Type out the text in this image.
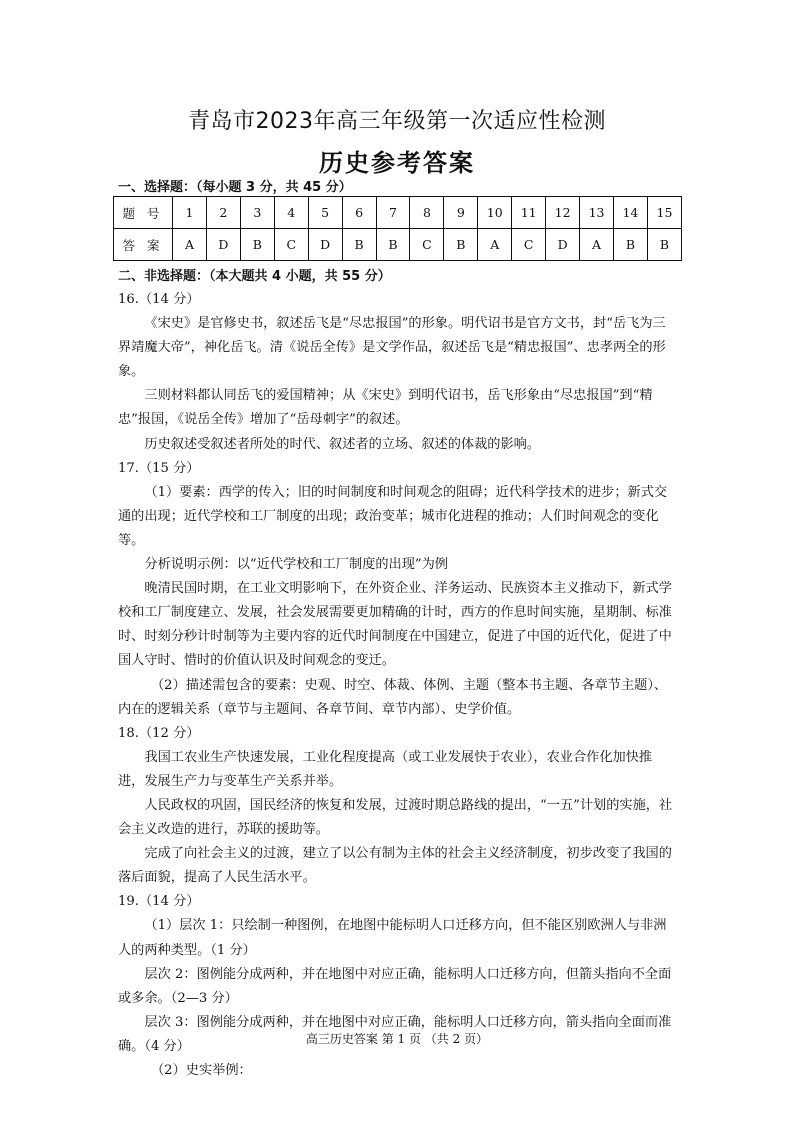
青岛市2023年高三年级第一次适应性检测
历史参考答案
一、选择题：（每小题 3 分，共 45 分）
题 号	1	2	3	4	5	6	7	8	9	10	11	12	13	14	15
答 案	A	D	B	C	D	B	B	C	B	A	C	D	A	B	B
二、非选择题：（本大题共 4 小题，共 55 分）

16.（14 分）

《宋史》是官修史书，叙述岳飞是“尽忠报国”的形象。明代诏书是官方文书，封“岳飞为三界靖魔大帝”，神化岳飞。清《说岳全传》是文学作品，叙述岳飞是“精忠报国”、忠孝两全的形象。

三则材料都认同岳飞的爱国精神；从《宋史》到明代诏书，岳飞形象由“尽忠报国”到“精忠”报国，《说岳全传》增加了“岳母刺字”的叙述。

历史叙述受叙述者所处的时代、叙述者的立场、叙述的体裁的影响。

17.（15 分）

（1）要素：西学的传入；旧的时间制度和时间观念的阻碍；近代科学技术的进步；新式交通的出现；近代学校和工厂制度的出现；政治变革；城市化进程的推动；人们时间观念的变化等。

分析说明示例：以“近代学校和工厂制度的出现”为例

晚清民国时期，在工业文明影响下，在外资企业、洋务运动、民族资本主义推动下，新式学校和工厂制度建立、发展，社会发展需要更加精确的计时，西方的作息时间实施，星期制、标准时、时刻分秒计时制等为主要内容的近代时间制度在中国建立，促进了中国的近代化，促进了中国人守时、惜时的价值认识及时间观念的变迁。

（2）描述需包含的要素：史观、时空、体裁、体例、主题（整本书主题、各章节主题）、内在的逻辑关系（章节与主题间、各章节间、章节内部）、史学价值。

18.（12 分）

我国工农业生产快速发展，工业化程度提高（或工业发展快于农业），农业合作化加快推进，发展生产力与变革生产关系并举。

人民政权的巩固，国民经济的恢复和发展，过渡时期总路线的提出，“一五”计划的实施，社会主义改造的进行，苏联的援助等。

完成了向社会主义的过渡，建立了以公有制为主体的社会主义经济制度，初步改变了我国的落后面貌，提高了人民生活水平。

19.（14 分）

（1）层次 1：只绘制一种图例，在地图中能标明人口迁移方向，但不能区别欧洲人与非洲人的两种类型。（1 分）

层次 2：图例能分成两种，并在地图中对应正确，能标明人口迁移方向，但箭头指向不全面或多余。（2—3 分）

层次 3：图例能分成两种，并在地图中对应正确，能标明人口迁移方向，箭头指向全面而准确。（4 分）

（2）史实举例：

高三历史答案 第 1 页 （共 2 页）
